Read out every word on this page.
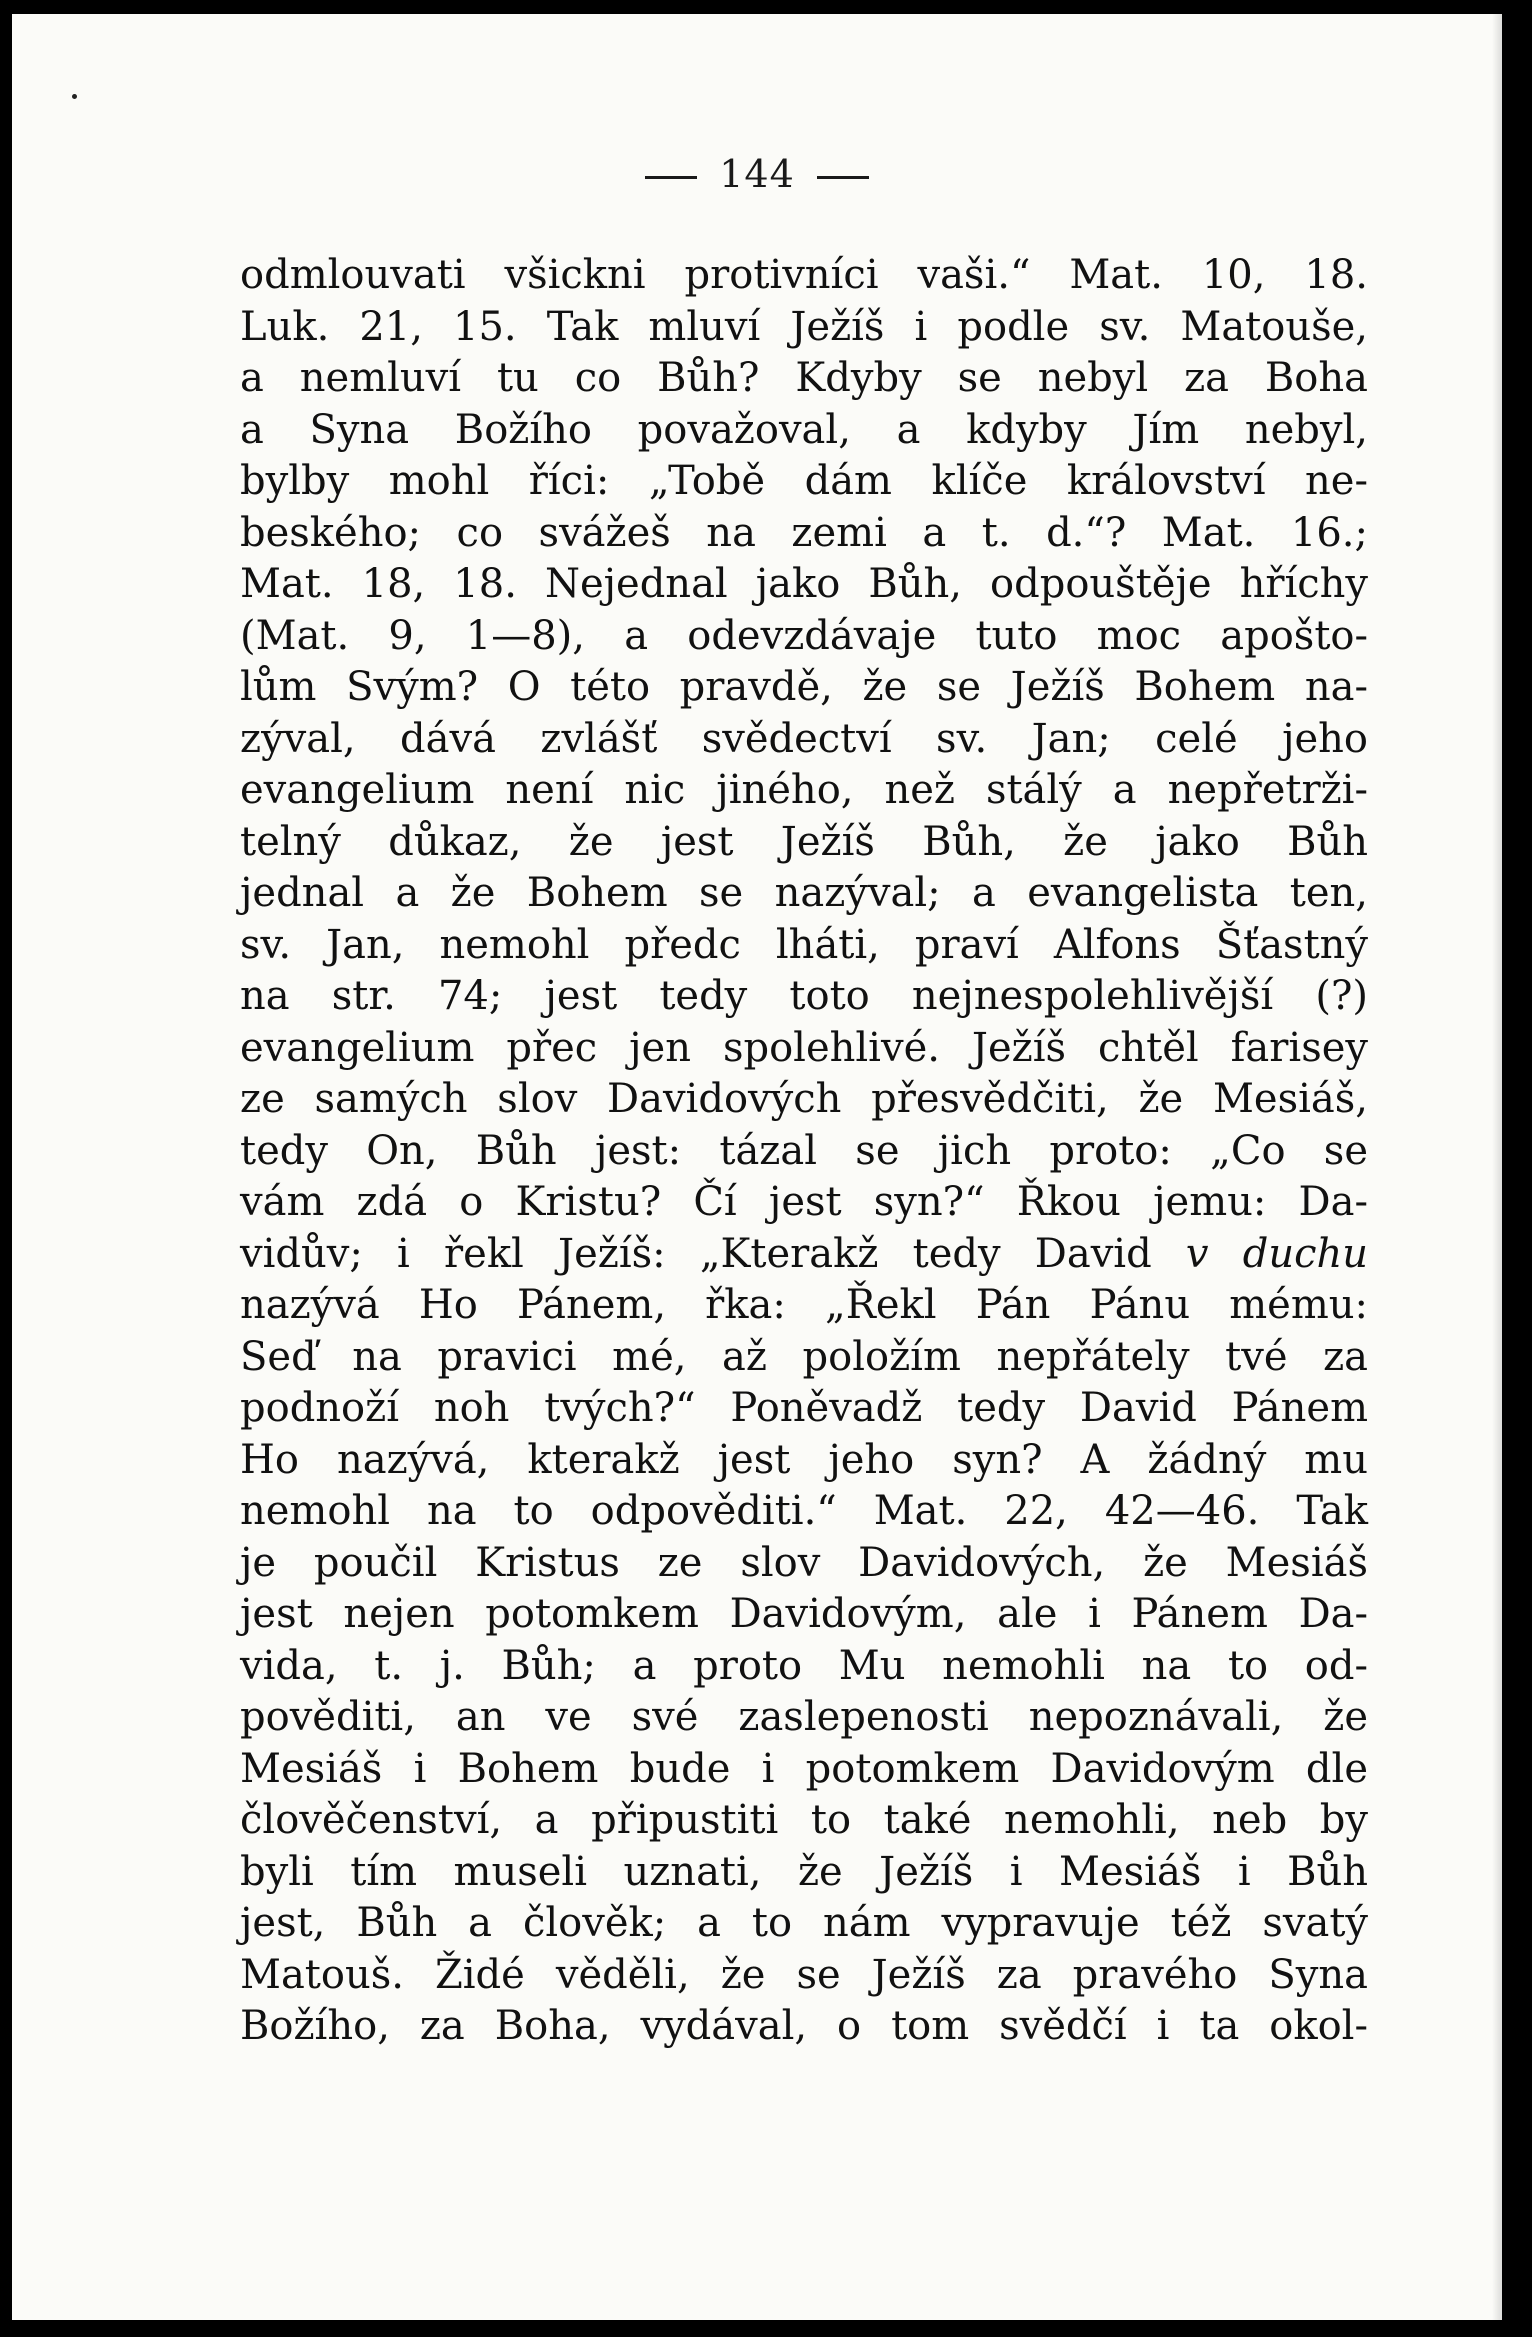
144
odmlouvati všickni protivníci vaši.“ Mat. 10, 18.
Luk. 21, 15. Tak mluví Ježíš i podle sv. Matouše,
a nemluví tu co Bůh? Kdyby se nebyl za Boha
a Syna Božího považoval, a kdyby Jím nebyl,
bylby mohl říci: „Tobě dám klíče království ne-
beského; co svážeš na zemi a t. d.“? Mat. 16.;
Mat. 18, 18. Nejednal jako Bůh, odpouštěje hříchy
(Mat. 9, 1—8), a odevzdávaje tuto moc apošto-
lům Svým? O této pravdě, že se Ježíš Bohem na-
zýval, dává zvlášť svědectví sv. Jan; celé jeho
evangelium není nic jiného, než stálý a nepřetrži-
telný důkaz, že jest Ježíš Bůh, že jako Bůh
jednal a že Bohem se nazýval; a evangelista ten,
sv. Jan, nemohl předc lháti, praví Alfons Šťastný
na str. 74; jest tedy toto nejnespolehlivější (?)
evangelium přec jen spolehlivé. Ježíš chtěl farisey
ze samých slov Davidových přesvědčiti, že Mesiáš,
tedy On, Bůh jest: tázal se jich proto: „Co se
vám zdá o Kristu? Čí jest syn?“ Řkou jemu: Da-
vidův; i řekl Ježíš: „Kterakž tedy David v duchu
nazývá Ho Pánem, řka: „Řekl Pán Pánu mému:
Seď na pravici mé, až položím nepřátely tvé za
podnoží noh tvých?“ Poněvadž tedy David Pánem
Ho nazývá, kterakž jest jeho syn? A žádný mu
nemohl na to odpověditi.“ Mat. 22, 42—46. Tak
je poučil Kristus ze slov Davidových, že Mesiáš
jest nejen potomkem Davidovým, ale i Pánem Da-
vida, t. j. Bůh; a proto Mu nemohli na to od-
pověditi, an ve své zaslepenosti nepoznávali, že
Mesiáš i Bohem bude i potomkem Davidovým dle
člověčenství, a připustiti to také nemohli, neb by
byli tím museli uznati, že Ježíš i Mesiáš i Bůh
jest, Bůh a člověk; a to nám vypravuje též svatý
Matouš. Židé věděli, že se Ježíš za pravého Syna
Božího, za Boha, vydával, o tom svědčí i ta okol-
